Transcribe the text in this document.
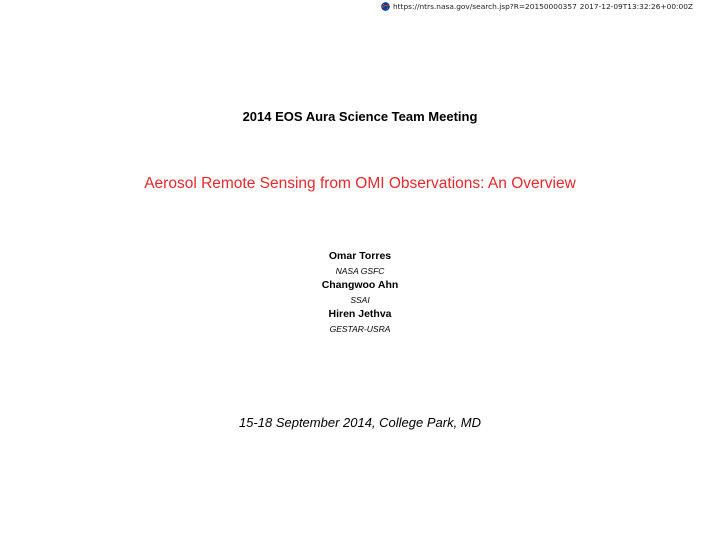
https://ntrs.nasa.gov/search.jsp?R=20150000357 2017-12-09T13:32:26+00:00Z
2014 EOS Aura Science Team Meeting
Aerosol Remote Sensing from OMI Observations: An Overview
Omar Torres
NASA GSFC
Changwoo Ahn
SSAI
Hiren Jethva
GESTAR-USRA
15-18 September 2014, College Park, MD
